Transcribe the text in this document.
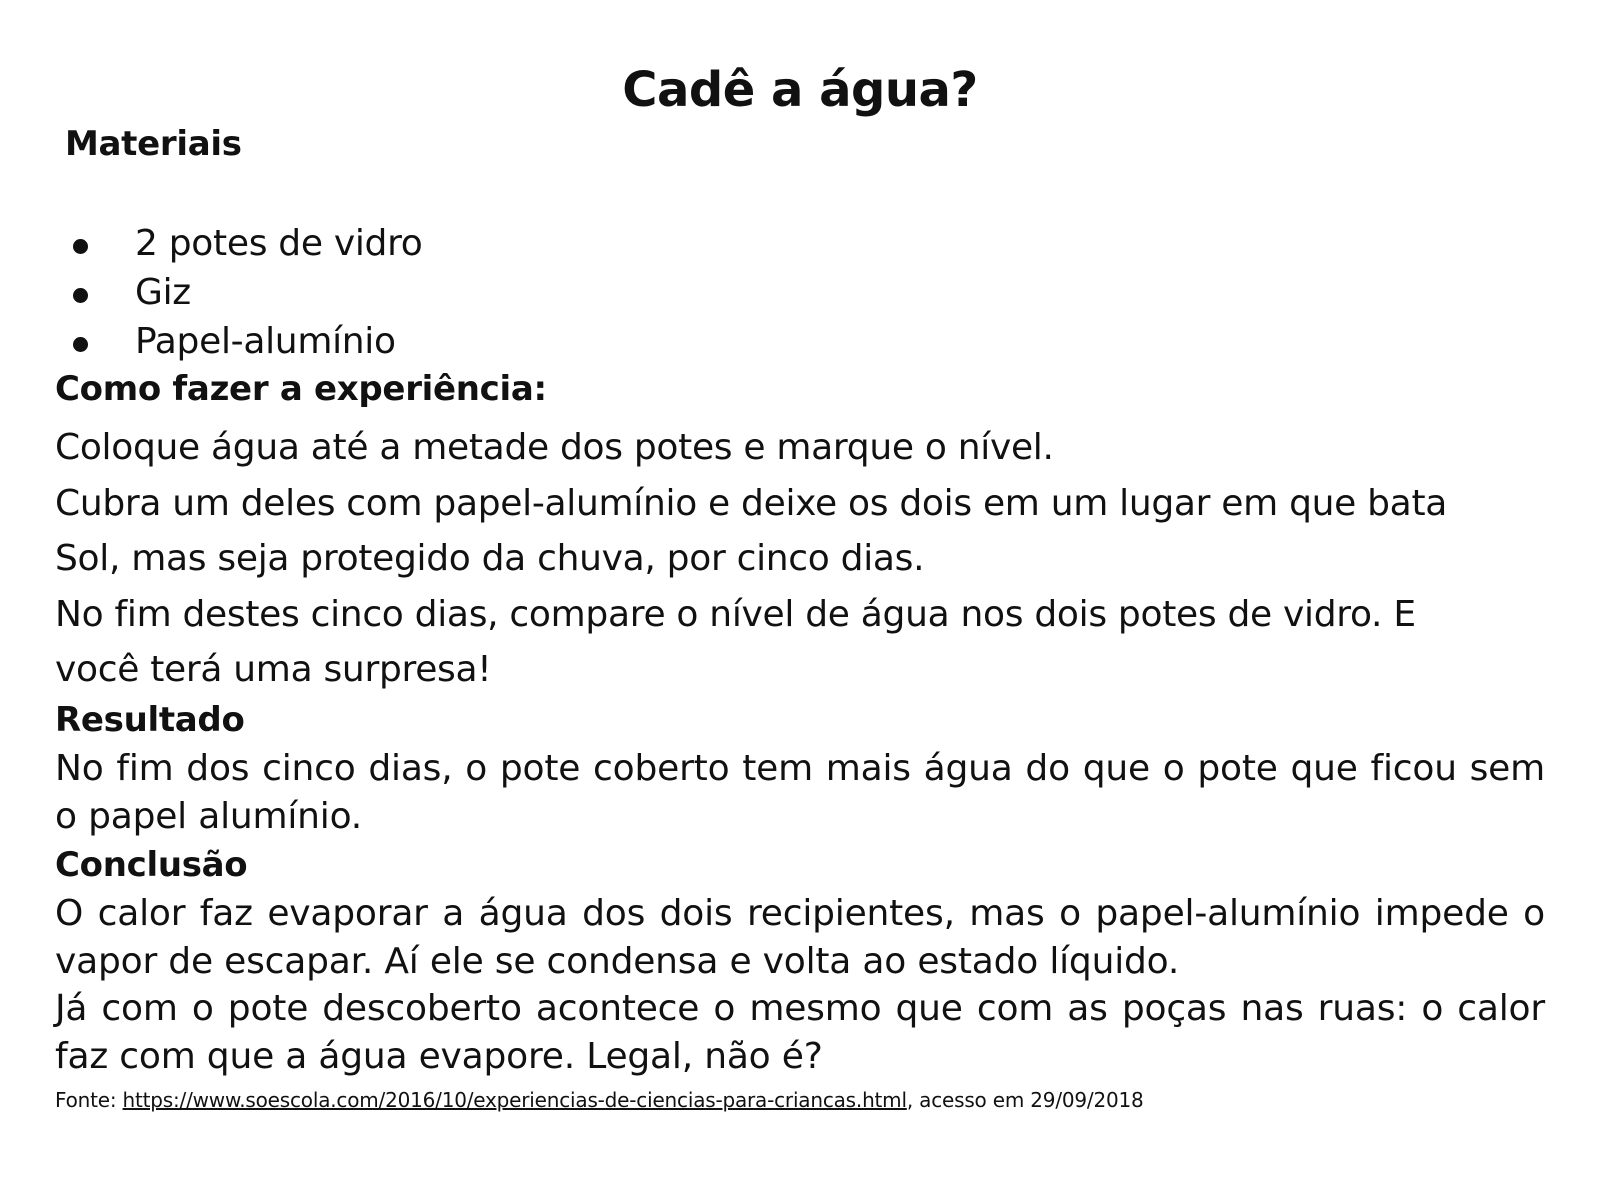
Cadê a água?
Materiais
2 potes de vidro
Giz
Papel-alumínio
Como fazer a experiência:
Coloque água até a metade dos potes e marque o nível.
Cubra um deles com papel-alumínio e deixe os dois em um lugar em que bata
Sol, mas seja protegido da chuva, por cinco dias.
No fim destes cinco dias, compare o nível de água nos dois potes de vidro. E
você terá uma surpresa!
Resultado

No fim dos cinco dias, o pote coberto tem mais água do que o pote que ficou sem o papel alumínio.

Conclusão

O calor faz evaporar a água dos dois recipientes, mas o papel-alumínio impede o vapor de escapar. Aí ele se condensa e volta ao estado líquido.

Já com o pote descoberto acontece o mesmo que com as poças nas ruas: o calor faz com que a água evapore. Legal, não é?

Fonte: https://www.soescola.com/2016/10/experiencias-de-ciencias-para-criancas.html, acesso em 29/09/2018
